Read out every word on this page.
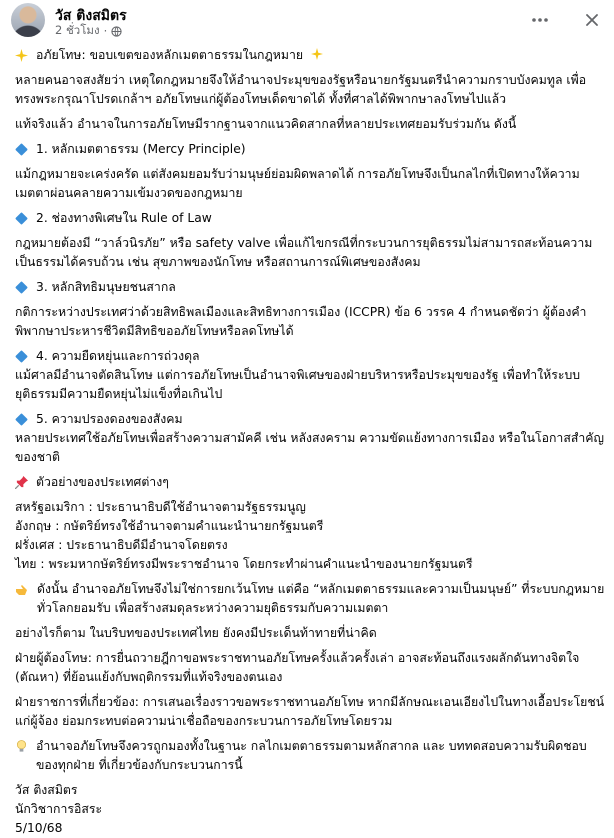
วัส ติงสมิตร
2 ชั่วโมง ·

อภัยโทษ: ขอบเขตของหลักเมตตาธรรมในกฎหมาย

หลายคนอาจสงสัยว่า เหตุใดกฎหมายจึงให้อำนาจประมุขของรัฐหรือนายกรัฐมนตรีนำความกราบบังคมทูล เพื่อทรงพระกรุณาโปรดเกล้าฯ อภัยโทษแก่ผู้ต้องโทษเด็ดขาดได้ ทั้งที่ศาลได้พิพากษาลงโทษไปแล้ว

แท้จริงแล้ว อำนาจในการอภัยโทษมีรากฐานจากแนวคิดสากลที่หลายประเทศยอมรับร่วมกัน ดังนี้

1. หลักเมตตาธรรม (Mercy Principle)

แม้กฎหมายจะเคร่งครัด แต่สังคมยอมรับว่ามนุษย์ย่อมผิดพลาดได้ การอภัยโทษจึงเป็นกลไกที่เปิดทางให้ความเมตตาผ่อนคลายความเข้มงวดของกฎหมาย

2. ช่องทางพิเศษใน Rule of Law

กฎหมายต้องมี “วาล์วนิรภัย” หรือ safety valve เพื่อแก้ไขกรณีที่กระบวนการยุติธรรมไม่สามารถสะท้อนความเป็นธรรมได้ครบถ้วน เช่น สุขภาพของนักโทษ หรือสถานการณ์พิเศษของสังคม

3. หลักสิทธิมนุษยชนสากล

กติการะหว่างประเทศว่าด้วยสิทธิพลเมืองและสิทธิทางการเมือง (ICCPR) ข้อ 6 วรรค 4 กำหนดชัดว่า ผู้ต้องคำพิพากษาประหารชีวิตมีสิทธิขออภัยโทษหรือลดโทษได้

4. ความยืดหยุ่นและการถ่วงดุล

แม้ศาลมีอำนาจตัดสินโทษ แต่การอภัยโทษเป็นอำนาจพิเศษของฝ่ายบริหารหรือประมุขของรัฐ เพื่อทำให้ระบบยุติธรรมมีความยืดหยุ่นไม่แข็งทื่อเกินไป

5. ความปรองดองของสังคม

หลายประเทศใช้อภัยโทษเพื่อสร้างความสามัคคี เช่น หลังสงคราม ความขัดแย้งทางการเมือง หรือในโอกาสสำคัญของชาติ

ตัวอย่างของประเทศต่างๆ

สหรัฐอเมริกา : ประธานาธิบดีใช้อำนาจตามรัฐธรรมนูญ
อังกฤษ : กษัตริย์ทรงใช้อำนาจตามคำแนะนำนายกรัฐมนตรี
ฝรั่งเศส : ประธานาธิบดีมีอำนาจโดยตรง
ไทย : พระมหากษัตริย์ทรงมีพระราชอำนาจ โดยกระทำผ่านคำแนะนำของนายกรัฐมนตรี

ดังนั้น อำนาจอภัยโทษจึงไม่ใช่การยกเว้นโทษ แต่คือ “หลักเมตตาธรรมและความเป็นมนุษย์” ที่ระบบกฎหมายทั่วโลกยอมรับ เพื่อสร้างสมดุลระหว่างความยุติธรรมกับความเมตตา

อย่างไรก็ตาม ในบริบทของประเทศไทย ยังคงมีประเด็นท้าทายที่น่าคิด

ฝ่ายผู้ต้องโทษ: การยื่นถวายฎีกาขอพระราชทานอภัยโทษครั้งแล้วครั้งเล่า อาจสะท้อนถึงแรงผลักดันทางจิตใจ (ตัณหา) ที่ย้อนแย้งกับพฤติกรรมที่แท้จริงของตนเอง

ฝ่ายราชการที่เกี่ยวข้อง: การเสนอเรื่องราวขอพระราชทานอภัยโทษ หากมีลักษณะเอนเอียงไปในทางเอื้อประโยชน์แก่ผู้จ้อง ย่อมกระทบต่อความน่าเชื่อถือของกระบวนการอภัยโทษโดยรวม

อำนาจอภัยโทษจึงควรถูกมองทั้งในฐานะ กลไกเมตตาธรรมตามหลักสากล และ บททดสอบความรับผิดชอบของทุกฝ่าย ที่เกี่ยวข้องกับกระบวนการนี้

วัส ติงสมิตร
นักวิชาการอิสระ
5/10/68
